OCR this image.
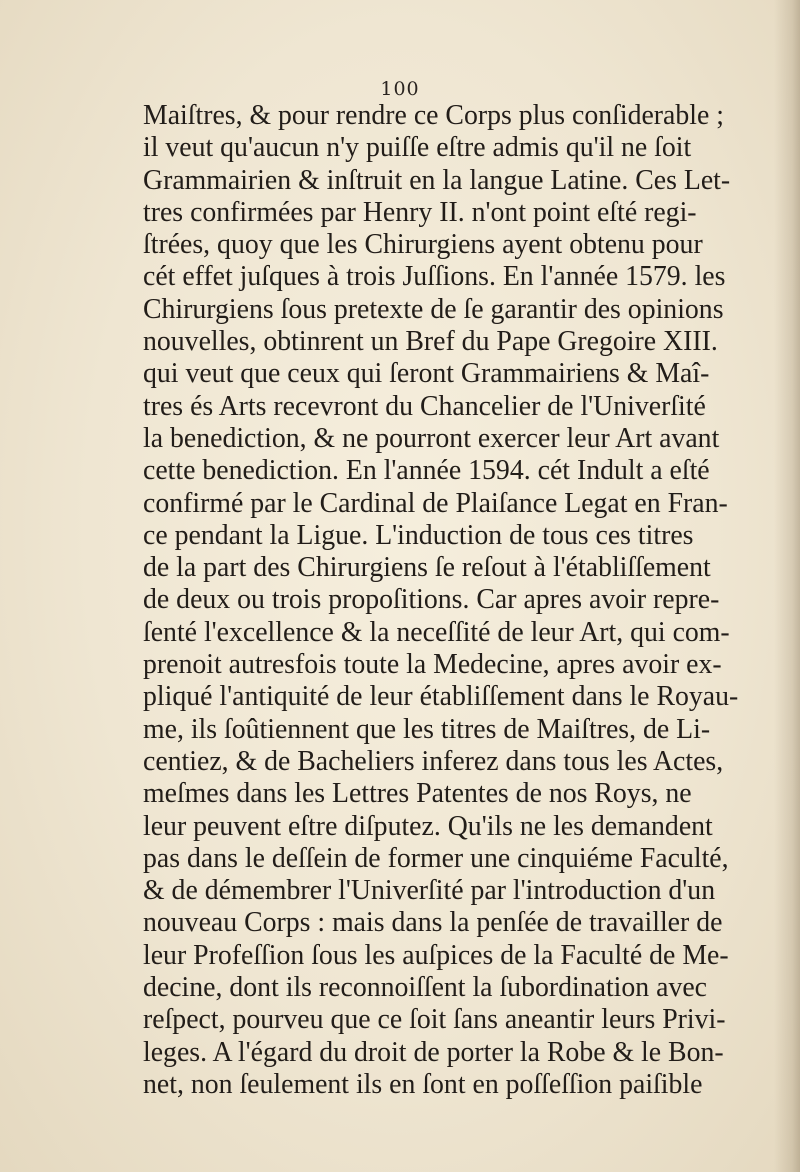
100
Maiſtres, & pour rendre ce Corps plus conſiderable ;
il veut qu'aucun n'y puiſſe eſtre admis qu'il ne ſoit
Grammairien & inſtruit en la langue Latine. Ces Let-
tres confirmées par Henry II. n'ont point eſté regi-
ſtrées, quoy que les Chirurgiens ayent obtenu pour
cét effet juſques à trois Juſſions. En l'année 1579. les
Chirurgiens ſous pretexte de ſe garantir des opinions
nouvelles, obtinrent un Bref du Pape Gregoire XIII.
qui veut que ceux qui ſeront Grammairiens & Maî-
tres és Arts recevront du Chancelier de l'Univerſité
la benediction, & ne pourront exercer leur Art avant
cette benediction. En l'année 1594. cét Indult a eſté
confirmé par le Cardinal de Plaiſance Legat en Fran-
ce pendant la Ligue. L'induction de tous ces titres
de la part des Chirurgiens ſe reſout à l'établiſſement
de deux ou trois propoſitions. Car apres avoir repre-
ſenté l'excellence & la neceſſité de leur Art, qui com-
prenoit autresfois toute la Medecine, apres avoir ex-
pliqué l'antiquité de leur établiſſement dans le Royau-
me, ils ſoûtiennent que les titres de Maiſtres, de Li-
centiez, & de Bacheliers inferez dans tous les Actes,
meſmes dans les Lettres Patentes de nos Roys, ne
leur peuvent eſtre diſputez. Qu'ils ne les demandent
pas dans le deſſein de former une cinquiéme Faculté,
& de démembrer l'Univerſité par l'introduction d'un
nouveau Corps : mais dans la penſée de travailler de
leur Profeſſion ſous les auſpices de la Faculté de Me-
decine, dont ils reconnoiſſent la ſubordination avec
reſpect, pourveu que ce ſoit ſans aneantir leurs Privi-
leges. A l'égard du droit de porter la Robe & le Bon-
net, non ſeulement ils en ſont en poſſeſſion paiſible
